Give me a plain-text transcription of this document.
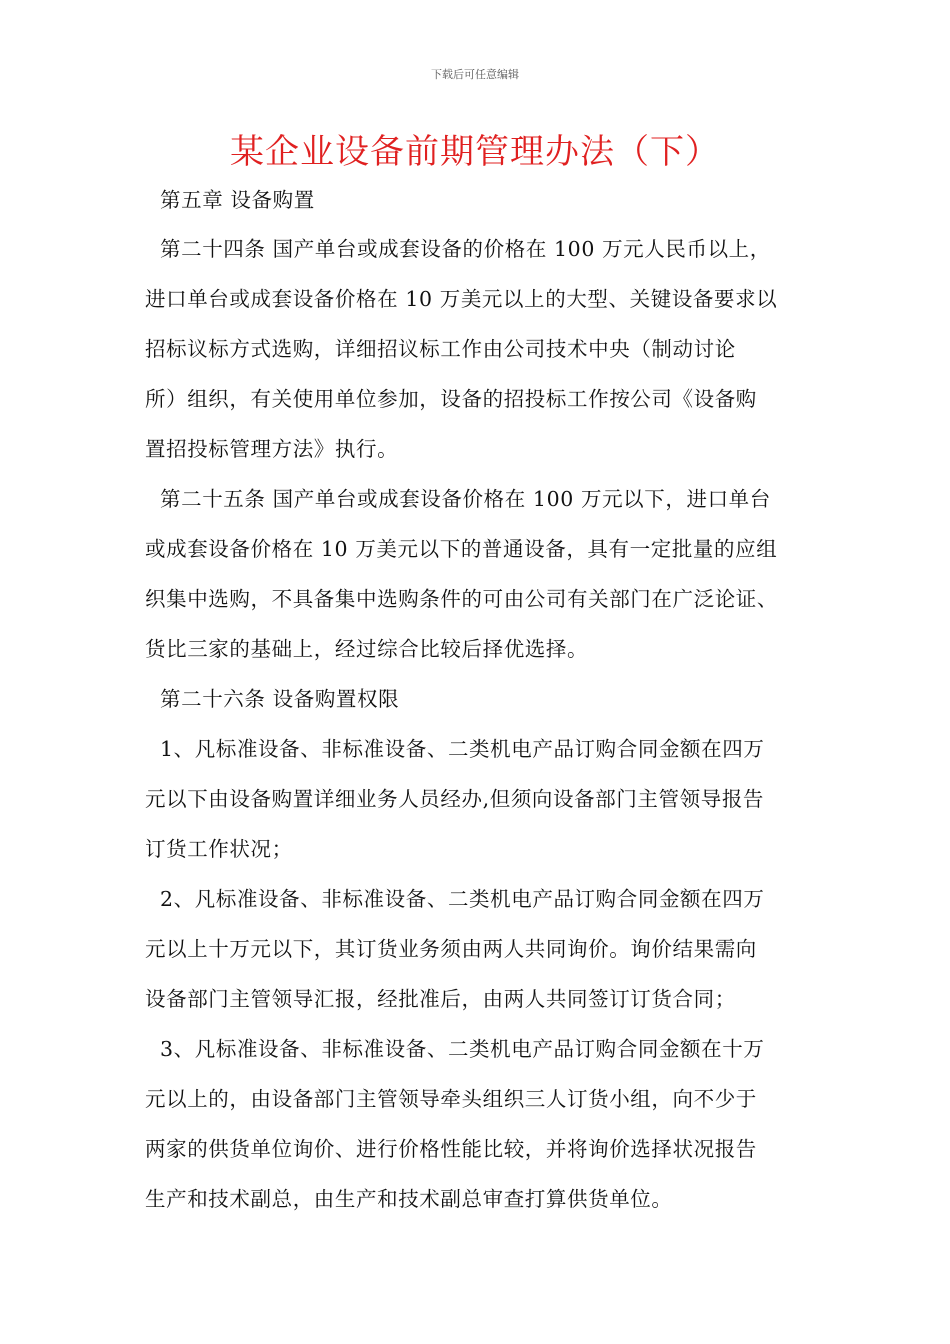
下载后可任意编辑
某企业设备前期管理办法（下）
第五章 设备购置
第二十四条 国产单台或成套设备的价格在 100 万元人民币以上，
进口单台或成套设备价格在 10 万美元以上的大型、关键设备要求以
招标议标方式选购，详细招议标工作由公司技术中央（制动讨论
所）组织，有关使用单位参加，设备的招投标工作按公司《设备购
置招投标管理方法》执行。
第二十五条 国产单台或成套设备价格在 100 万元以下，进口单台
或成套设备价格在 10 万美元以下的普通设备，具有一定批量的应组
织集中选购，不具备集中选购条件的可由公司有关部门在广泛论证、
货比三家的基础上，经过综合比较后择优选择。
第二十六条 设备购置权限
1、凡标准设备、非标准设备、二类机电产品订购合同金额在四万
元以下由设备购置详细业务人员经办,但须向设备部门主管领导报告
订货工作状况；
2、凡标准设备、非标准设备、二类机电产品订购合同金额在四万
元以上十万元以下，其订货业务须由两人共同询价。询价结果需向
设备部门主管领导汇报，经批准后，由两人共同签订订货合同；
3、凡标准设备、非标准设备、二类机电产品订购合同金额在十万
元以上的，由设备部门主管领导牵头组织三人订货小组，向不少于
两家的供货单位询价、进行价格性能比较，并将询价选择状况报告
生产和技术副总，由生产和技术副总审查打算供货单位。
